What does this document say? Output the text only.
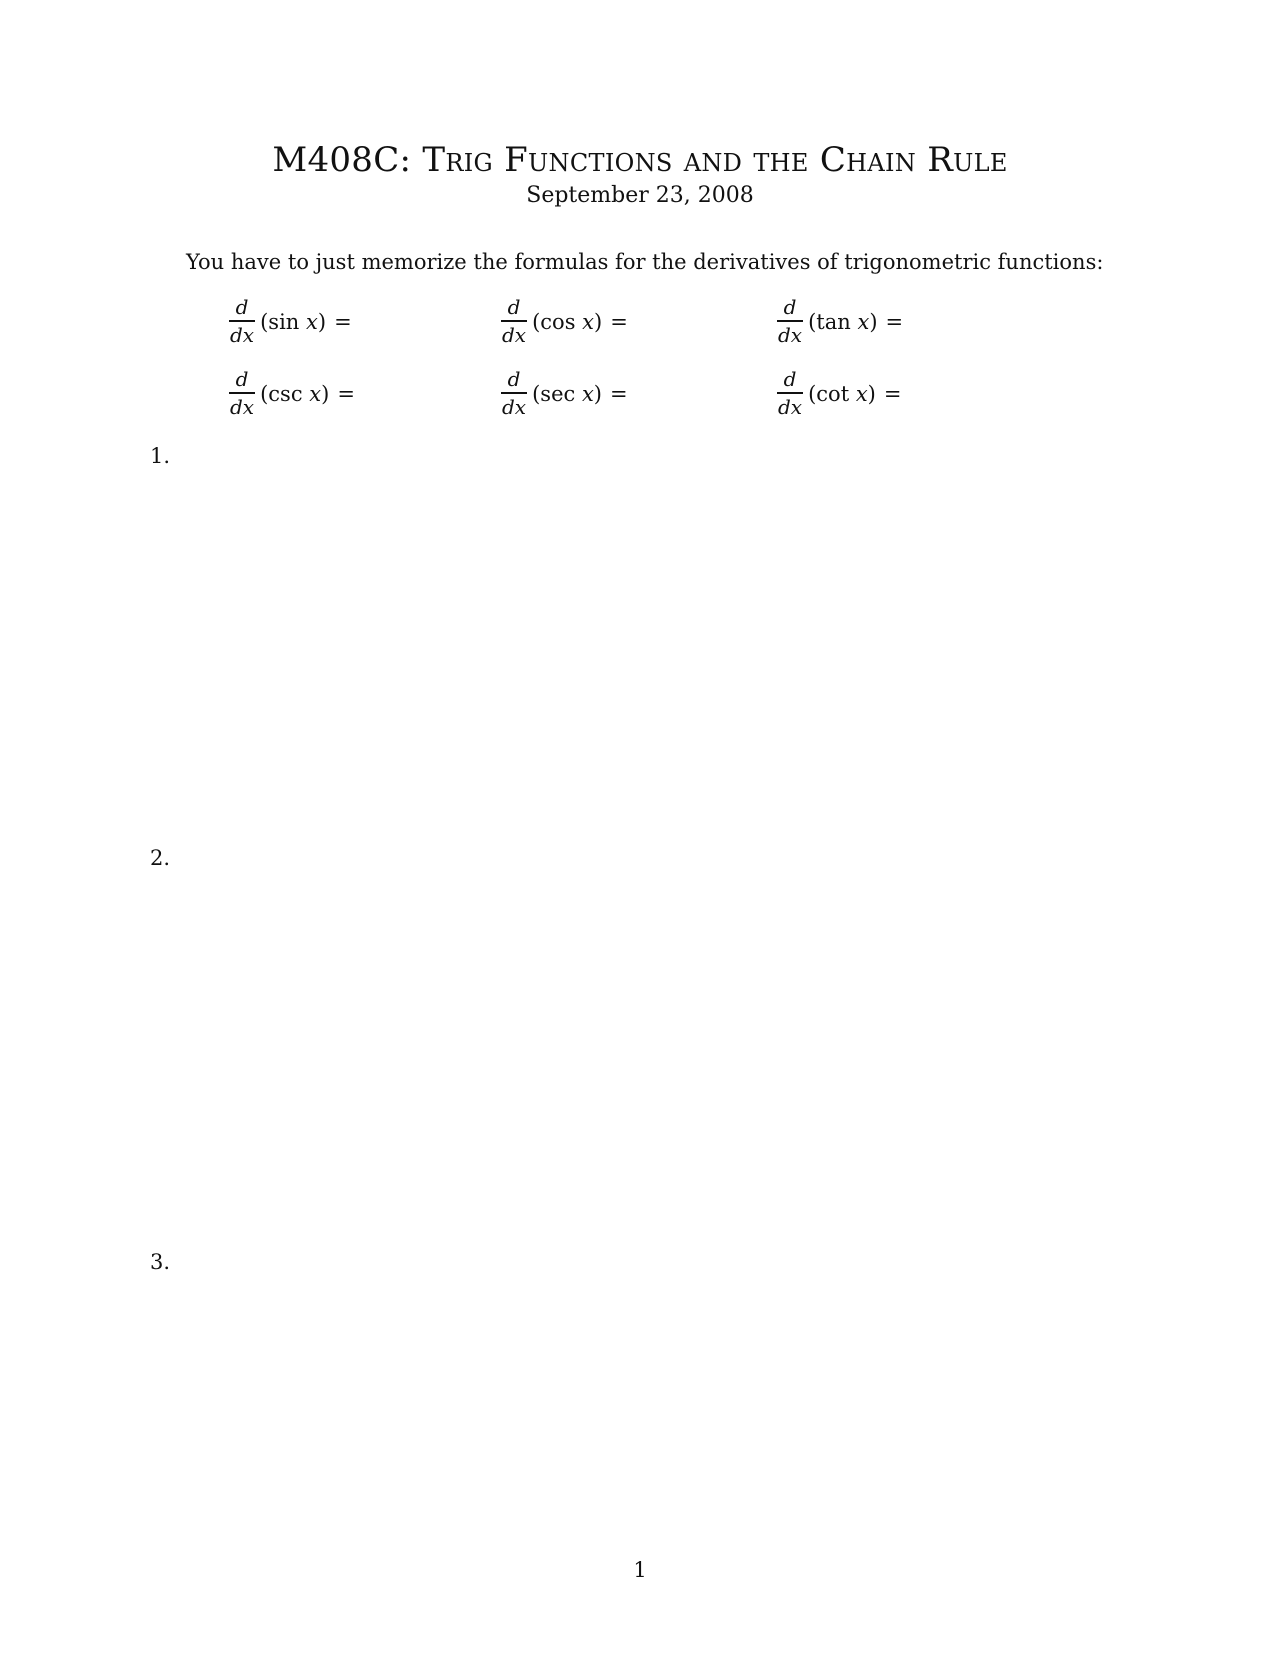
M408C: Trig Functions and the Chain Rule
September 23, 2008
You have to just memorize the formulas for the derivatives of trigonometric functions:
$\frac{d}{dx} (\sin$ x) =	$\frac{d}{dx} (\cos$ x) =	$\frac{d}{dx} (\tan$ x) =
$\frac{d}{dx} (\csc$ x) =	$\frac{d}{dx} (\sec$ x) =	$\frac{d}{dx} (\cot$ x) =
1.
2.
3.
1
